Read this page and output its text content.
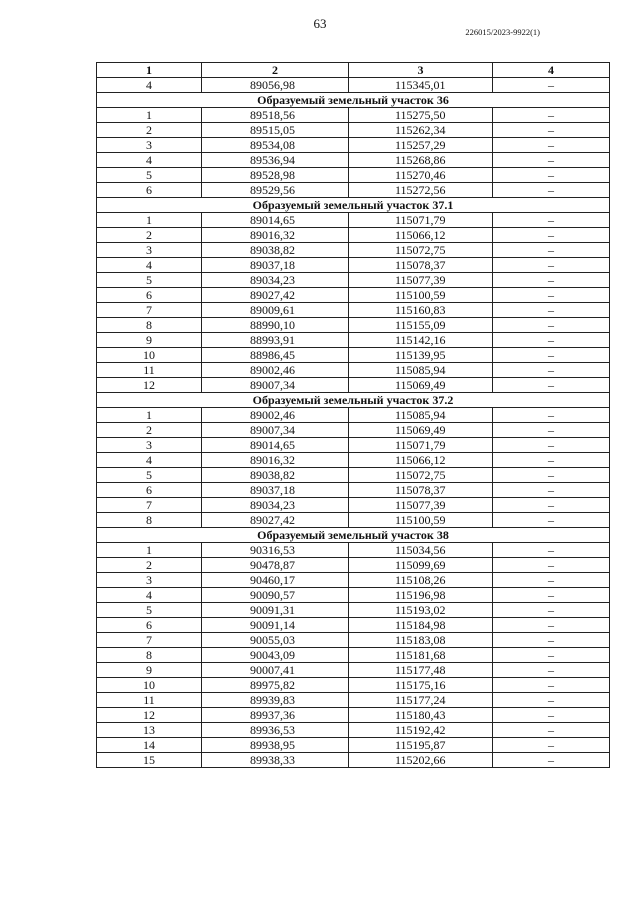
63
226015/2023-9922(1)
1	2	3	4
4	89056,98	115345,01	–
Образуемый земельный участок 36			
1	89518,56	115275,50	–
2	89515,05	115262,34	–
3	89534,08	115257,29	–
4	89536,94	115268,86	–
5	89528,98	115270,46	–
6	89529,56	115272,56	–
Образуемый земельный участок 37.1			
1	89014,65	115071,79	–
2	89016,32	115066,12	–
3	89038,82	115072,75	–
4	89037,18	115078,37	–
5	89034,23	115077,39	–
6	89027,42	115100,59	–
7	89009,61	115160,83	–
8	88990,10	115155,09	–
9	88993,91	115142,16	–
10	88986,45	115139,95	–
11	89002,46	115085,94	–
12	89007,34	115069,49	–
Образуемый земельный участок 37.2			
1	89002,46	115085,94	–
2	89007,34	115069,49	–
3	89014,65	115071,79	–
4	89016,32	115066,12	–
5	89038,82	115072,75	–
6	89037,18	115078,37	–
7	89034,23	115077,39	–
8	89027,42	115100,59	–
Образуемый земельный участок 38			
1	90316,53	115034,56	–
2	90478,87	115099,69	–
3	90460,17	115108,26	–
4	90090,57	115196,98	–
5	90091,31	115193,02	–
6	90091,14	115184,98	–
7	90055,03	115183,08	–
8	90043,09	115181,68	–
9	90007,41	115177,48	–
10	89975,82	115175,16	–
11	89939,83	115177,24	–
12	89937,36	115180,43	–
13	89936,53	115192,42	–
14	89938,95	115195,87	–
15	89938,33	115202,66	–
